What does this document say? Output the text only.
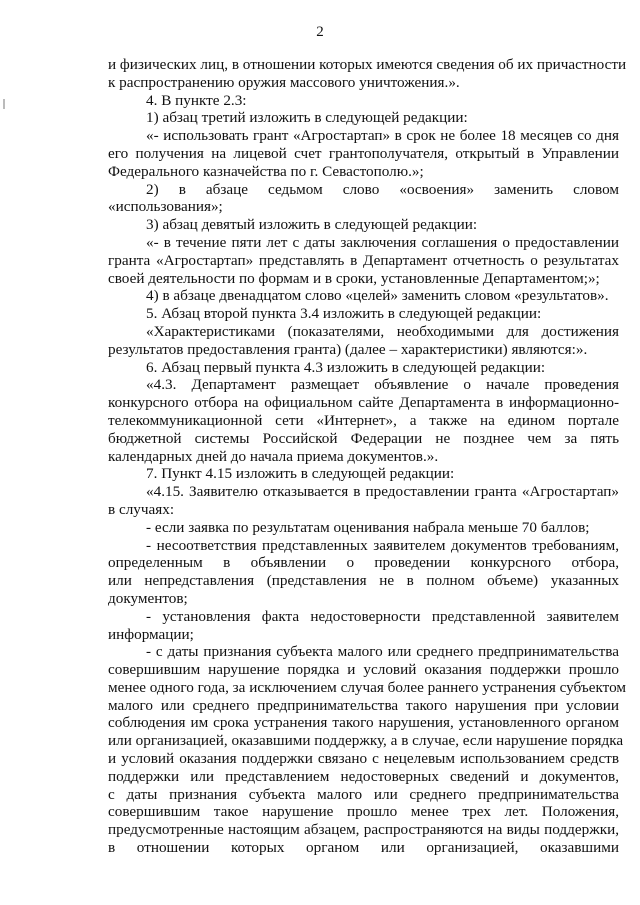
2
и физических лиц, в отношении которых имеются сведения об их причастности
к распространению оружия массового уничтожения.».
4. В пункте 2.3:
1) абзац третий изложить в следующей редакции:
«- использовать грант «Агростартап» в срок не более 18 месяцев со дня
его получения на лицевой счет грантополучателя, открытый в Управлении
Федерального казначейства по г. Севастополю.»;
2) в абзаце седьмом слово «освоения» заменить словом
«использования»;
3) абзац девятый изложить в следующей редакции:
«- в течение пяти лет с даты заключения соглашения о предоставлении
гранта «Агростартап» представлять в Департамент отчетность о результатах
своей деятельности по формам и в сроки, установленные Департаментом;»;
4) в абзаце двенадцатом слово «целей» заменить словом «результатов».
5. Абзац второй пункта 3.4 изложить в следующей редакции:
«Характеристиками (показателями, необходимыми для достижения
результатов предоставления гранта) (далее – характеристики) являются:».
6. Абзац первый пункта 4.3 изложить в следующей редакции:
«4.3. Департамент размещает объявление о начале проведения
конкурсного отбора на официальном сайте Департамента в информационно-
телекоммуникационной сети «Интернет», а также на едином портале
бюджетной системы Российской Федерации не позднее чем за пять
календарных дней до начала приема документов.».
7. Пункт 4.15 изложить в следующей редакции:
«4.15. Заявителю отказывается в предоставлении гранта «Агростартап»
в случаях:
- если заявка по результатам оценивания набрала меньше 70 баллов;
- несоответствия представленных заявителем документов требованиям,
определенным в объявлении о проведении конкурсного отбора,
или непредставления (представления не в полном объеме) указанных
документов;
- установления факта недостоверности представленной заявителем
информации;
- с даты признания субъекта малого или среднего предпринимательства
совершившим нарушение порядка и условий оказания поддержки прошло
менее одного года, за исключением случая более раннего устранения субъектом
малого или среднего предпринимательства такого нарушения при условии
соблюдения им срока устранения такого нарушения, установленного органом
или организацией, оказавшими поддержку, а в случае, если нарушение порядка
и условий оказания поддержки связано с нецелевым использованием средств
поддержки или представлением недостоверных сведений и документов,
с даты признания субъекта малого или среднего предпринимательства
совершившим такое нарушение прошло менее трех лет. Положения,
предусмотренные настоящим абзацем, распространяются на виды поддержки,
в отношении которых органом или организацией, оказавшими
